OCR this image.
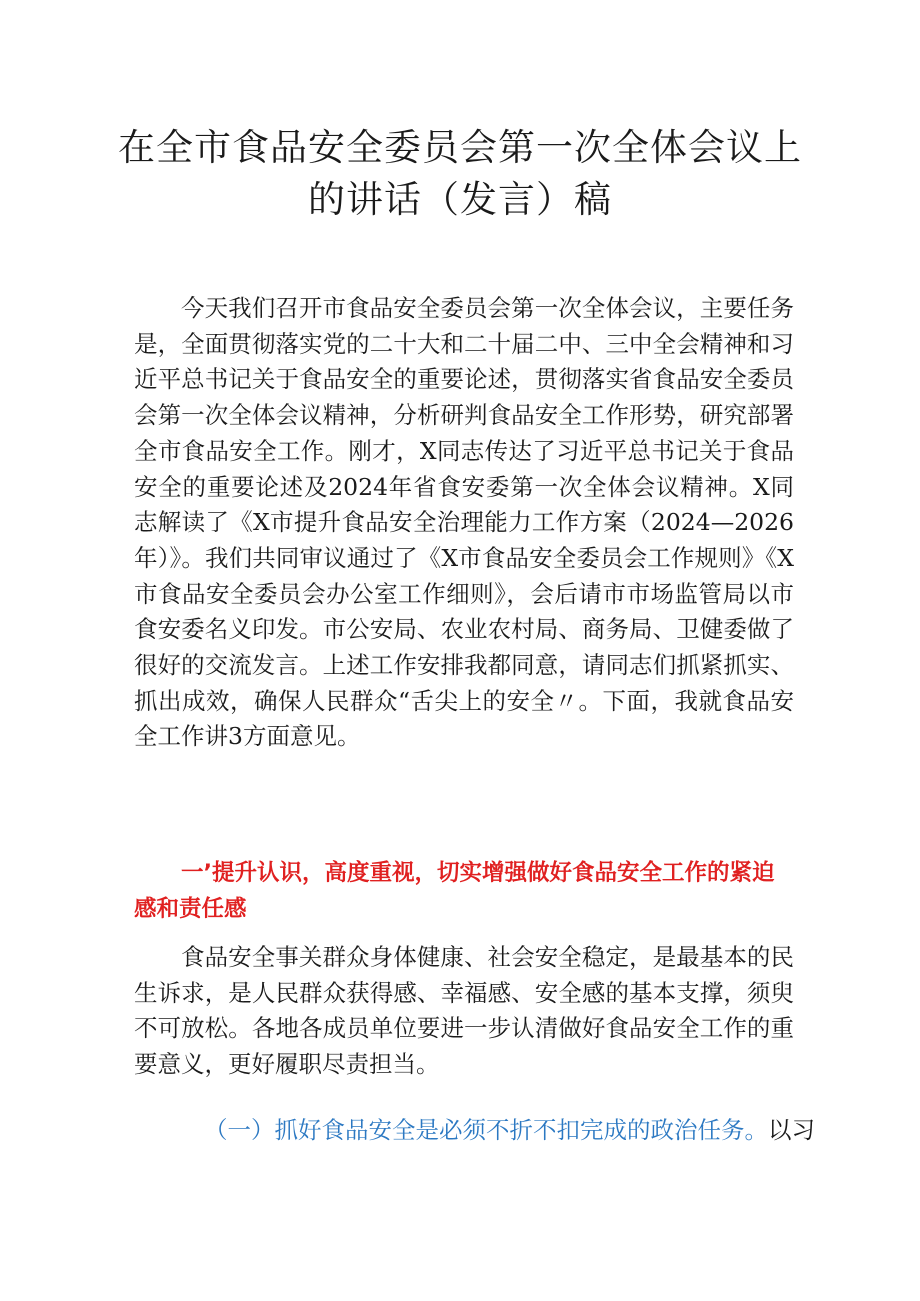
在全市食品安全委员会第一次全体会议上的讲话（发言）稿

今天我们召开市食品安全委员会第一次全体会议，主要任务是，全面贯彻落实党的二十大和二十届二中、三中全会精神和习近平总书记关于食品安全的重要论述，贯彻落实省食品安全委员会第一次全体会议精神，分析研判食品安全工作形势，研究部署全市食品安全工作。刚才，X同志传达了习近平总书记关于食品安全的重要论述及2024年省食安委第一次全体会议精神。X同志解读了《X市提升食品安全治理能力工作方案（2024—2026年）》。我们共同审议通过了《X市食品安全委员会工作规则》《X市食品安全委员会办公室工作细则》，会后请市市场监管局以市食安委名义印发。市公安局、农业农村局、商务局、卫健委做了很好的交流发言。上述工作安排我都同意，请同志们抓紧抓实、抓出成效，确保人民群众“舌尖上的安全〃。下面，我就食品安全工作讲3方面意见。

一’提升认识，高度重视，切实增强做好食品安全工作的紧迫感和责任感

食品安全事关群众身体健康、社会安全稳定，是最基本的民生诉求，是人民群众获得感、幸福感、安全感的基本支撑，须臾不可放松。各地各成员单位要进一步认清做好食品安全工作的重要意义，更好履职尽责担当。

（一）抓好食品安全是必须不折不扣完成的政治任务。以习
